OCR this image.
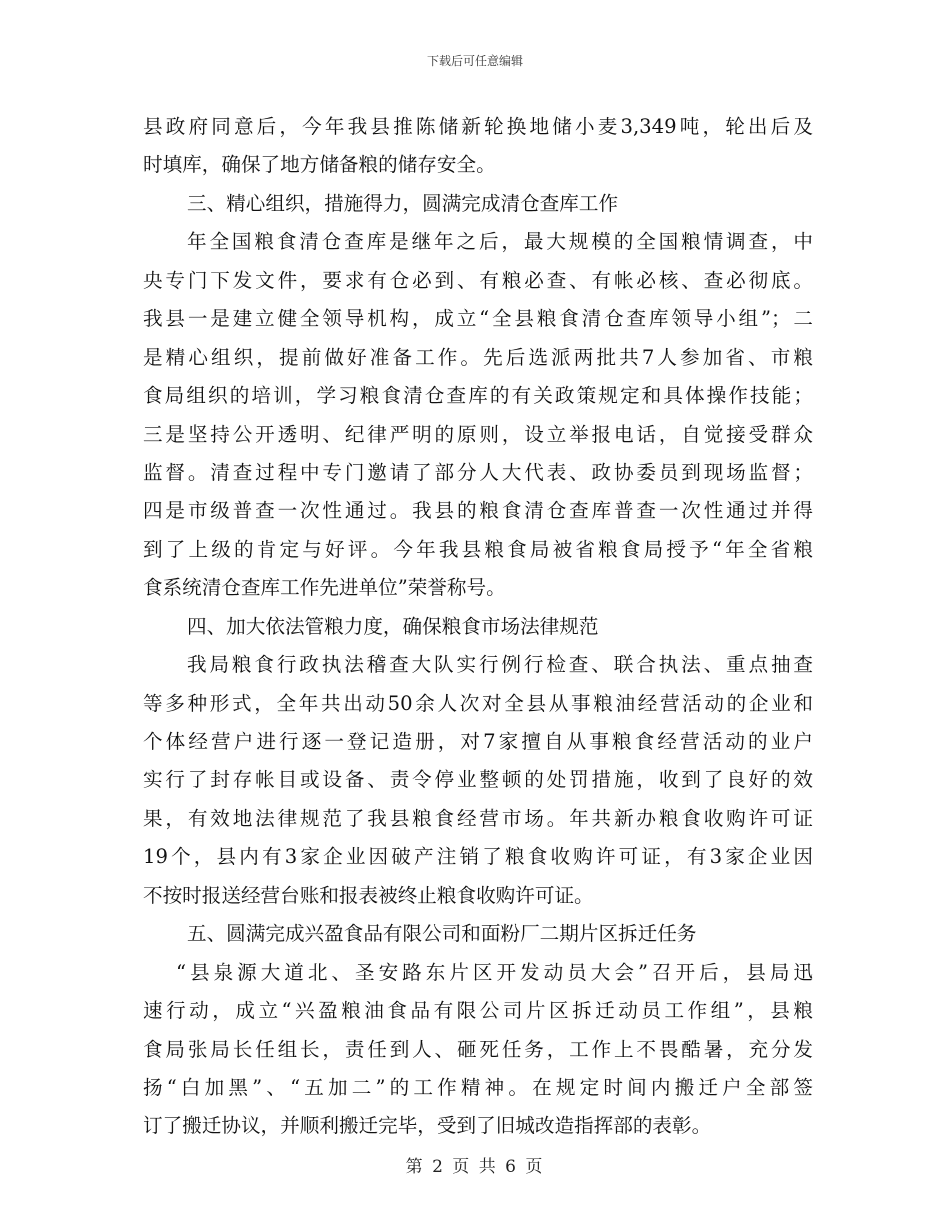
下载后可任意编辑
县政府同意后，今年我县推陈储新轮换地储小麦3,349吨，轮出后及
时填库，确保了地方储备粮的储存安全。
三、精心组织，措施得力，圆满完成清仓查库工作
年全国粮食清仓查库是继年之后，最大规模的全国粮情调查，中
央专门下发文件，要求有仓必到、有粮必查、有帐必核、查必彻底。
我县一是建立健全领导机构，成立“全县粮食清仓查库领导小组”；二
是精心组织，提前做好准备工作。先后选派两批共7人参加省、市粮
食局组织的培训，学习粮食清仓查库的有关政策规定和具体操作技能；
三是坚持公开透明、纪律严明的原则，设立举报电话，自觉接受群众
监督。清查过程中专门邀请了部分人大代表、政协委员到现场监督；
四是市级普查一次性通过。我县的粮食清仓查库普查一次性通过并得
到了上级的肯定与好评。今年我县粮食局被省粮食局授予“年全省粮
食系统清仓查库工作先进单位”荣誉称号。
四、加大依法管粮力度，确保粮食市场法律规范
我局粮食行政执法稽查大队实行例行检查、联合执法、重点抽查
等多种形式，全年共出动50余人次对全县从事粮油经营活动的企业和
个体经营户进行逐一登记造册，对7家擅自从事粮食经营活动的业户
实行了封存帐目或设备、责令停业整顿的处罚措施，收到了良好的效
果，有效地法律规范了我县粮食经营市场。年共新办粮食收购许可证
19个，县内有3家企业因破产注销了粮食收购许可证，有3家企业因
不按时报送经营台账和报表被终止粮食收购许可证。
五、圆满完成兴盈食品有限公司和面粉厂二期片区拆迁任务
“县泉源大道北、圣安路东片区开发动员大会”召开后，县局迅
速行动，成立“兴盈粮油食品有限公司片区拆迁动员工作组”，县粮
食局张局长任组长，责任到人、砸死任务，工作上不畏酷暑，充分发
扬“白加黑”、“五加二”的工作精神。在规定时间内搬迁户全部签
订了搬迁协议，并顺利搬迁完毕，受到了旧城改造指挥部的表彰。
第 2 页 共 6 页
